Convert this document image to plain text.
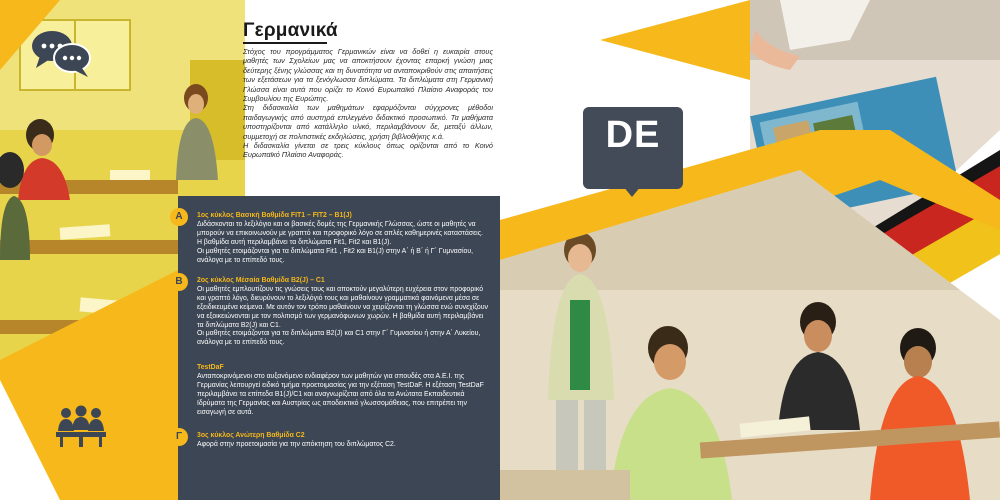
Γερμανικά

Στόχος του προγράμματος Γερμανικών είναι να δοθεί η ευκαιρία στους μαθητές των Σχολείων μας να αποκτήσουν έχοντας επαρκή γνώση μιας δεύτερης ξένης γλώσσας και τη δυνατότητα να ανταποκριθούν στις απαιτήσεις των εξετάσεων για τα ξενόγλωσσα διπλώματα. Τα διπλώματα στη Γερμανική Γλώσσα είναι αυτά που ορίζει το Κοινό Ευρωπαϊκό Πλαίσιο Αναφοράς του Συμβουλίου της Ευρώπης.

Στη διδασκαλία των μαθημάτων εφαρμόζονται σύγχρονες μέθοδοι παιδαγωγικής από αυστηρά επιλεγμένο διδακτικό προσωπικό. Τα μαθήματα υποστηρίζονται από κατάλληλο υλικό, περιλαμβάνουν δε, μεταξύ άλλων, συμμετοχή σε πολιτιστικές εκδηλώσεις, χρήση βιβλιοθήκης κ.ά.

Η διδασκαλία γίνεται σε τρεις κύκλους όπως ορίζονται από το Κοινό Ευρωπαϊκό Πλαίσιο Αναφοράς.

A	1ος κύκλος Βασική Βαθμίδα FIT1 – FIT2 – B1(J)

Διδάσκονται το λεξιλόγιο και οι βασικές δομές της Γερμανικής Γλώσσας, ώστε οι μαθητές να μπορούν να επικοινωνούν με γραπτό και προφορικό λόγο σε απλές καθημερινές καταστάσεις. Η βαθμίδα αυτή περιλαμβάνει τα διπλώματα Fit1, Fit2 και B1(J).

Οι μαθητές ετοιμάζονται για τα διπλώματα Fit1 , Fit2 και B1(J) στην Α΄ ή Β΄ ή Γ΄ Γυμνασίου, ανάλογα με το επίπεδό τους.

B	2ος κύκλος Μέσαία Βαθμίδα B2(J) – C1

Οι μαθητές εμπλουτίζουν τις γνώσεις τους και αποκτούν μεγαλύτερη ευχέρεια στον προφορικό και γραπτό λόγο, διευρύνουν το λεξιλόγιό τους και μαθαίνουν γραμματικά φαινόμενα μέσα σε εξειδικευμένα κείμενα. Με αυτόν τον τρόπο μαθαίνουν να χειρίζονται τη γλώσσα ενώ συνεχίζουν να εξοικειώνονται με τον πολιτισμό των γερμανόφωνων χωρών. Η βαθμίδα αυτή περιλαμβάνει τα διπλώματα B2(J) και C1.

Οι μαθητές ετοιμάζονται για τα διπλώματα B2(J) και C1 στην Γ΄ Γυμνασίου ή στην Α΄ Λυκείου, ανάλογα με το επίπεδό τους.

TestDaF

Ανταποκρινόμενοι στο αυξανόμενο ενδιαφέρον των μαθητών για σπουδές στα Α.Ε.Ι. της Γερμανίας λειτουργεί ειδικό τμήμα προετοιμασίας για την εξέταση TestDaF. Η εξέταση TestDaF περιλαμβάνει τα επίπεδα B1(J)/C1 και αναγνωρίζεται από όλα τα Ανώτατα Εκπαιδευτικά Ιδρύματα της Γερμανίας και Αυστρίας ως αποδεικτικό γλωσσομάθειας, που επιτρέπει την εισαγωγή σε αυτά.

Γ	3ος κύκλος Ανώτερη Βαθμίδα C2

Αφορά στην προετοιμασία για την απόκτηση του διπλώματος C2.

DE
